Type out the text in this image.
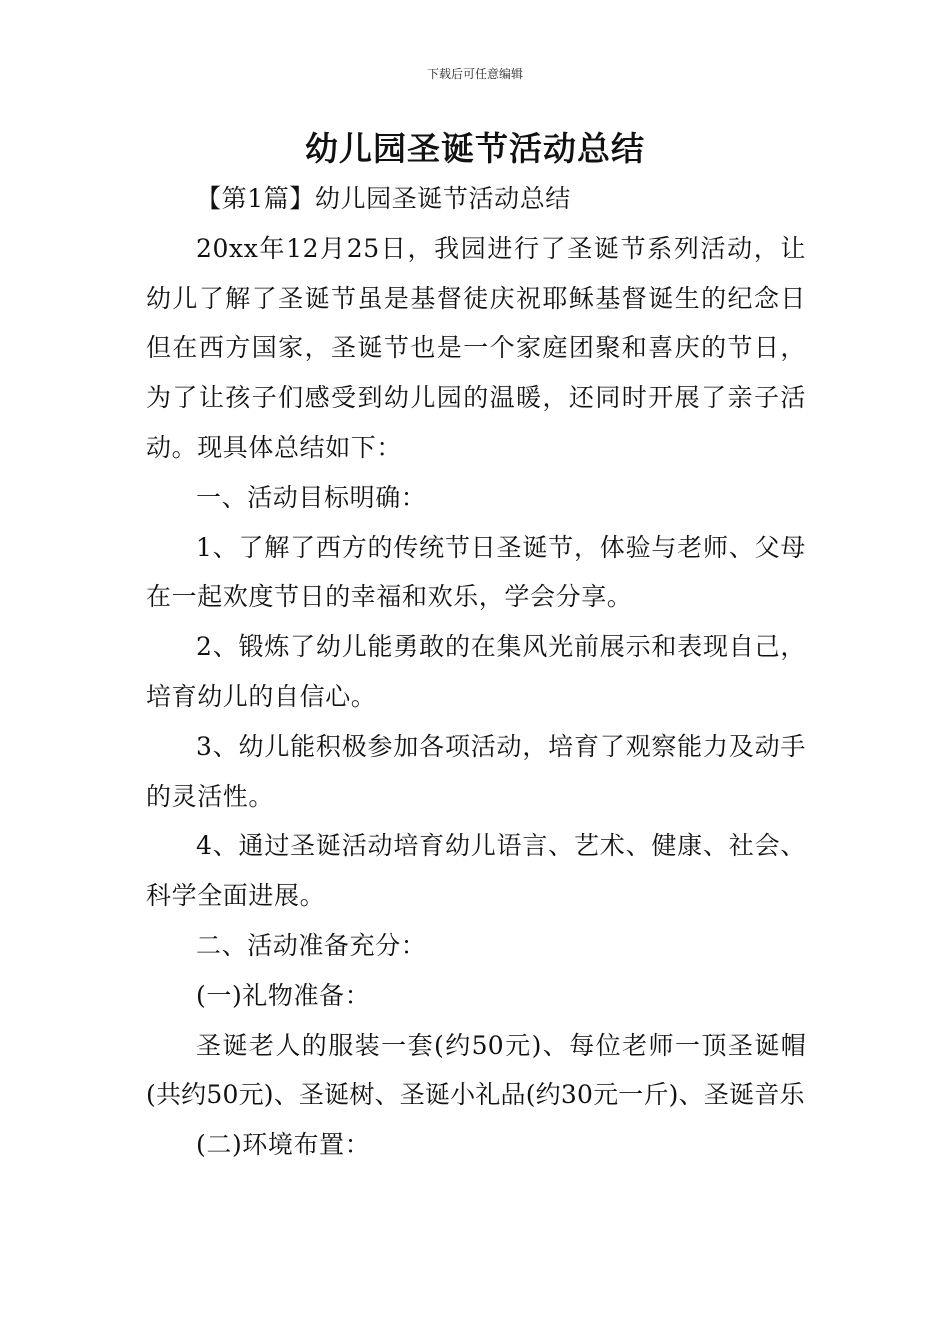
下载后可任意编辑
幼儿园圣诞节活动总结

【第1篇】幼儿园圣诞节活动总结

20xx年12月25日，我园进行了圣诞节系列活动，让幼儿了解了圣诞节虽是基督徒庆祝耶稣基督诞生的纪念日但在西方国家，圣诞节也是一个家庭团聚和喜庆的节日，为了让孩子们感受到幼儿园的温暖，还同时开展了亲子活动。现具体总结如下：

一、活动目标明确：

1、了解了西方的传统节日圣诞节，体验与老师、父母在一起欢度节日的幸福和欢乐，学会分享。

2、锻炼了幼儿能勇敢的在集风光前展示和表现自己，培育幼儿的自信心。

3、幼儿能积极参加各项活动，培育了观察能力及动手的灵活性。

4、通过圣诞活动培育幼儿语言、艺术、健康、社会、科学全面进展。

二、活动准备充分：

(一)礼物准备：

圣诞老人的服装一套(约50元)、每位老师一顶圣诞帽(共约50元)、圣诞树、圣诞小礼品(约30元一斤)、圣诞音乐

(二)环境布置：
